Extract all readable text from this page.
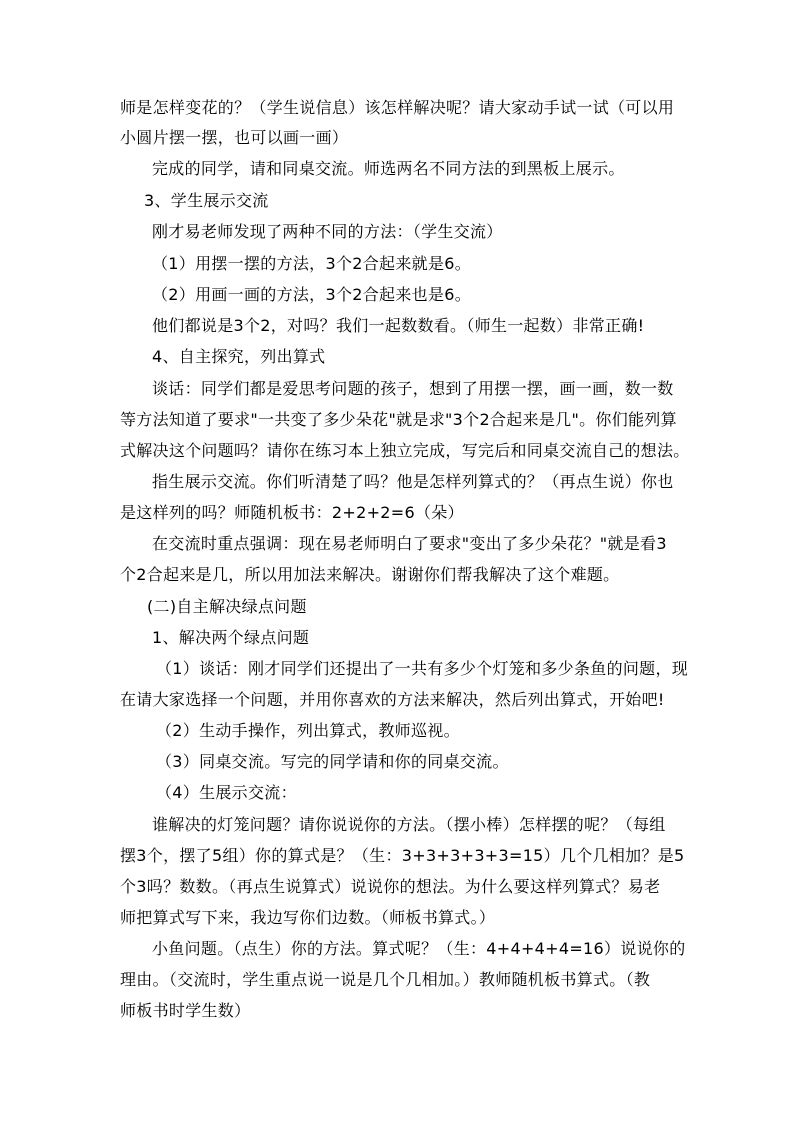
师是怎样变花的？（学生说信息）该怎样解决呢？请大家动手试一试（可以用
小圆片摆一摆，也可以画一画）
完成的同学，请和同桌交流。师选两名不同方法的到黑板上展示。
3、学生展示交流
刚才易老师发现了两种不同的方法：（学生交流）
（1）用摆一摆的方法，3个2合起来就是6。
（2）用画一画的方法，3个2合起来也是6。
他们都说是3个2，对吗？我们一起数数看。（师生一起数）非常正确!
4、自主探究，列出算式
谈话：同学们都是爱思考问题的孩子，想到了用摆一摆，画一画，数一数
等方法知道了要求"一共变了多少朵花"就是求"3个2合起来是几"。你们能列算
式解决这个问题吗？请你在练习本上独立完成，写完后和同桌交流自己的想法。
指生展示交流。你们听清楚了吗？他是怎样列算式的？（再点生说）你也
是这样列的吗？师随机板书：2+2+2=6（朵）
在交流时重点强调：现在易老师明白了要求"变出了多少朵花？"就是看3
个2合起来是几，所以用加法来解决。谢谢你们帮我解决了这个难题。
(二)自主解决绿点问题
1、解决两个绿点问题
（1）谈话：刚才同学们还提出了一共有多少个灯笼和多少条鱼的问题，现
在请大家选择一个问题，并用你喜欢的方法来解决，然后列出算式，开始吧!
（2）生动手操作，列出算式，教师巡视。
（3）同桌交流。写完的同学请和你的同桌交流。
（4）生展示交流：
谁解决的灯笼问题？请你说说你的方法。（摆小棒）怎样摆的呢？（每组
摆3个，摆了5组）你的算式是？（生：3+3+3+3+3=15）几个几相加？是5
个3吗？数数。（再点生说算式）说说你的想法。为什么要这样列算式？易老
师把算式写下来，我边写你们边数。（师板书算式。）
小鱼问题。（点生）你的方法。算式呢？（生：4+4+4+4=16）说说你的
理由。（交流时，学生重点说一说是几个几相加。）教师随机板书算式。（教
师板书时学生数）
